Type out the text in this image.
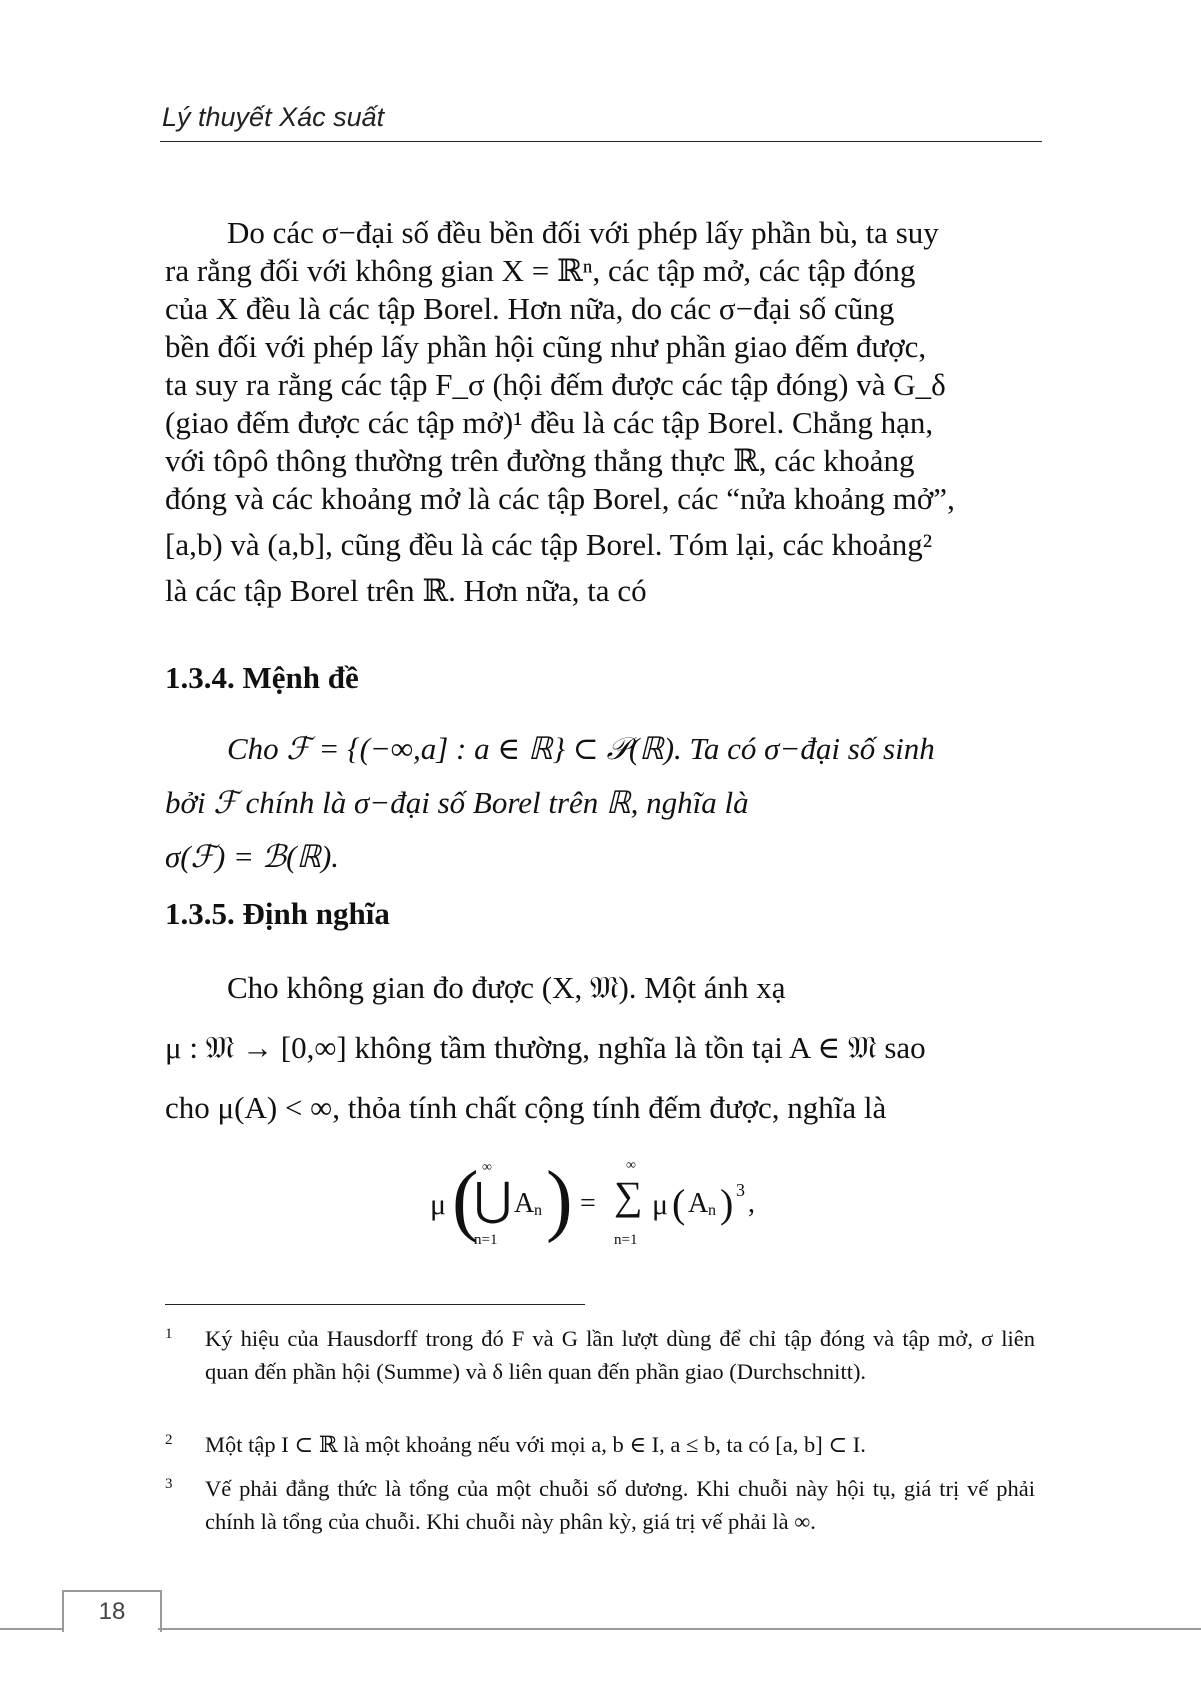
Lý thuyết Xác suất
Do các σ−đại số đều bền đối với phép lấy phần bù, ta suy
ra rằng đối với không gian X = ℝⁿ, các tập mở, các tập đóng
của X đều là các tập Borel. Hơn nữa, do các σ−đại số cũng
bền đối với phép lấy phần hội cũng như phần giao đếm được,
ta suy ra rằng các tập F_σ (hội đếm được các tập đóng) và G_δ
(giao đếm được các tập mở)¹ đều là các tập Borel. Chẳng hạn,
với tôpô thông thường trên đường thẳng thực ℝ, các khoảng
đóng và các khoảng mở là các tập Borel, các “nửa khoảng mở”,
[a,b) và (a,b], cũng đều là các tập Borel. Tóm lại, các khoảng²
là các tập Borel trên ℝ. Hơn nữa, ta có
1.3.4. Mệnh đề
Cho ℱ = {(−∞,a] : a ∈ ℝ} ⊂ 𝒫(ℝ). Ta có σ−đại số sinh
bởi ℱ chính là σ−đại số Borel trên ℝ, nghĩa là
σ(ℱ) = ℬ(ℝ).
1.3.5. Định nghĩa
Cho không gian đo được (X, 𝔐). Một ánh xạ
μ : 𝔐 → [0,∞] không tầm thường, nghĩa là tồn tại A ∈ 𝔐 sao
cho μ(A) < ∞, thỏa tính chất cộng tính đếm được, nghĩa là
μ ( ∞
⋃
n=1
A n ) =
∞
∑
n=1
μ ( A n ) 3 ,
1 Ký hiệu của Hausdorff trong đó F và G lần lượt dùng để chỉ tập đóng và tập mở, σ liên quan đến phần hội (Summe) và δ liên quan đến phần giao (Durchschnitt).
2 Một tập I ⊂ ℝ là một khoảng nếu với mọi a, b ∈ I, a ≤ b, ta có [a, b] ⊂ I.
3 Vế phải đẳng thức là tổng của một chuỗi số dương. Khi chuỗi này hội tụ, giá trị vế phải chính là tổng của chuỗi. Khi chuỗi này phân kỳ, giá trị vế phải là ∞.
18
